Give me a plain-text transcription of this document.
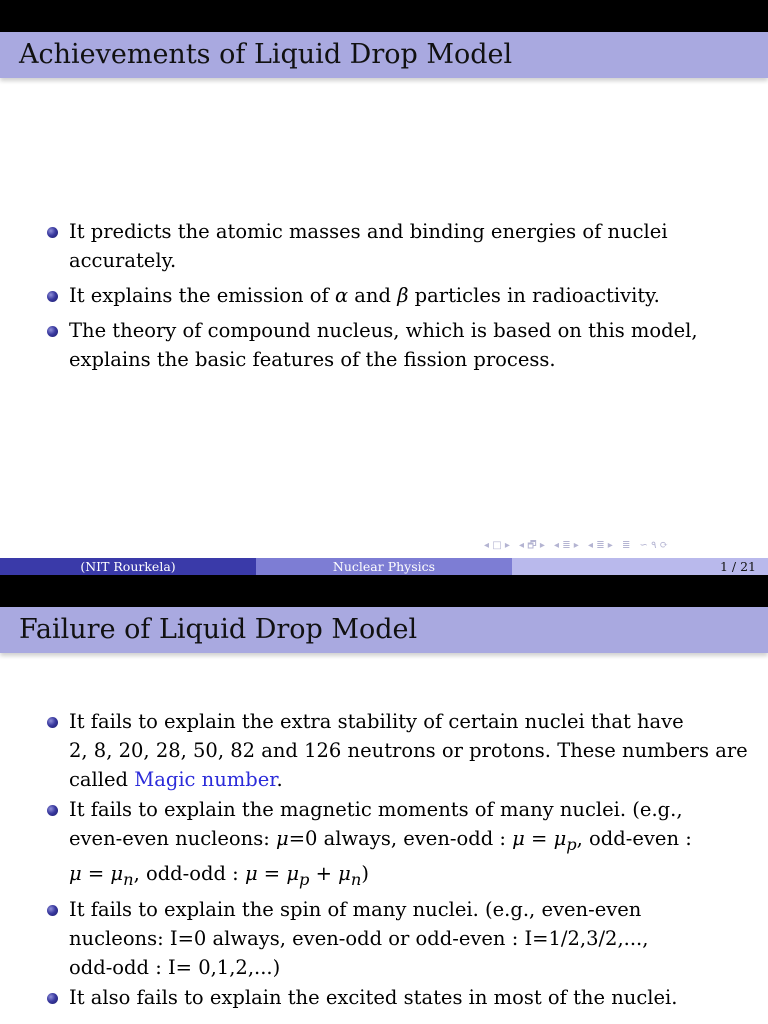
Achievements of Liquid Drop Model
It predicts the atomic masses and binding energies of nuclei
accurately.
It explains the emission of α and β particles in radioactivity.
The theory of compound nucleus, which is based on this model,
explains the basic features of the fission process.
◂ □ ▸ ◂ 🗗 ▸ ◂ ≣ ▸ ◂ ≣ ▸ ≣ ∽ ۹ ⟳
(NIT Rourkela)	Nuclear Physics	1 / 21
Failure of Liquid Drop Model
It fails to explain the extra stability of certain nuclei that have
2, 8, 20, 28, 50, 82 and 126 neutrons or protons. These numbers are
called Magic number.
It fails to explain the magnetic moments of many nuclei. (e.g.,
even-even nucleons: μ=0 always, even-odd : $\mu = \mu_p$, odd-even :
$\mu = \mu_n$, odd-odd : $\mu = \mu_p + \mu_n$)
It fails to explain the spin of many nuclei. (e.g., even-even
nucleons: I=0 always, even-odd or odd-even : I=1/2,3/2,...,
odd-odd : I= 0,1,2,...)
It also fails to explain the excited states in most of the nuclei.
